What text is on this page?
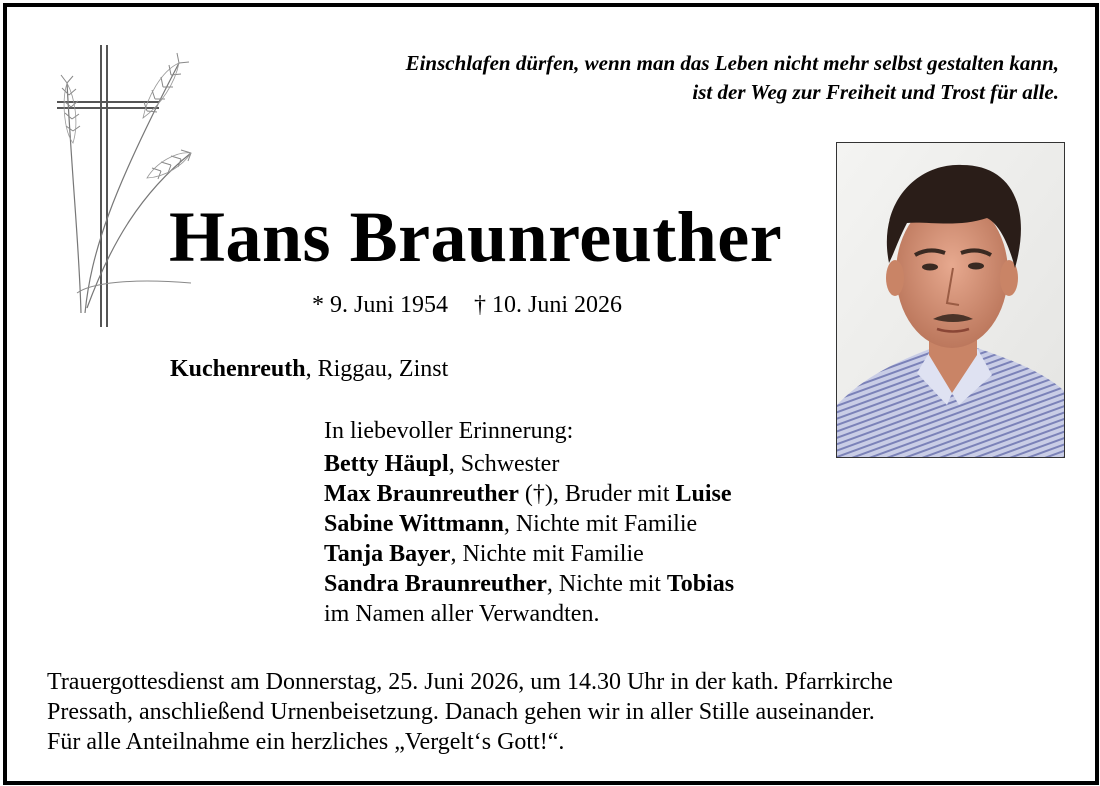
Einschlafen dürfen, wenn man das Leben nicht mehr selbst gestalten kann,
ist der Weg zur Freiheit und Trost für alle.
Hans Braunreuther
* 9. Juni 1954 † 10. Juni 2026
Kuchenreuth, Riggau, Zinst
In liebevoller Erinnerung:
Betty Häupl, Schwester
Max Braunreuther (†), Bruder mit Luise
Sabine Wittmann, Nichte mit Familie
Tanja Bayer, Nichte mit Familie
Sandra Braunreuther, Nichte mit Tobias
im Namen aller Verwandten.
Trauergottesdienst am Donnerstag, 25. Juni 2026, um 14.30 Uhr in der kath. Pfarrkirche
Pressath, anschließend Urnenbeisetzung. Danach gehen wir in aller Stille auseinander.
Für alle Anteilnahme ein herzliches „Vergelt‘s Gott!“.
